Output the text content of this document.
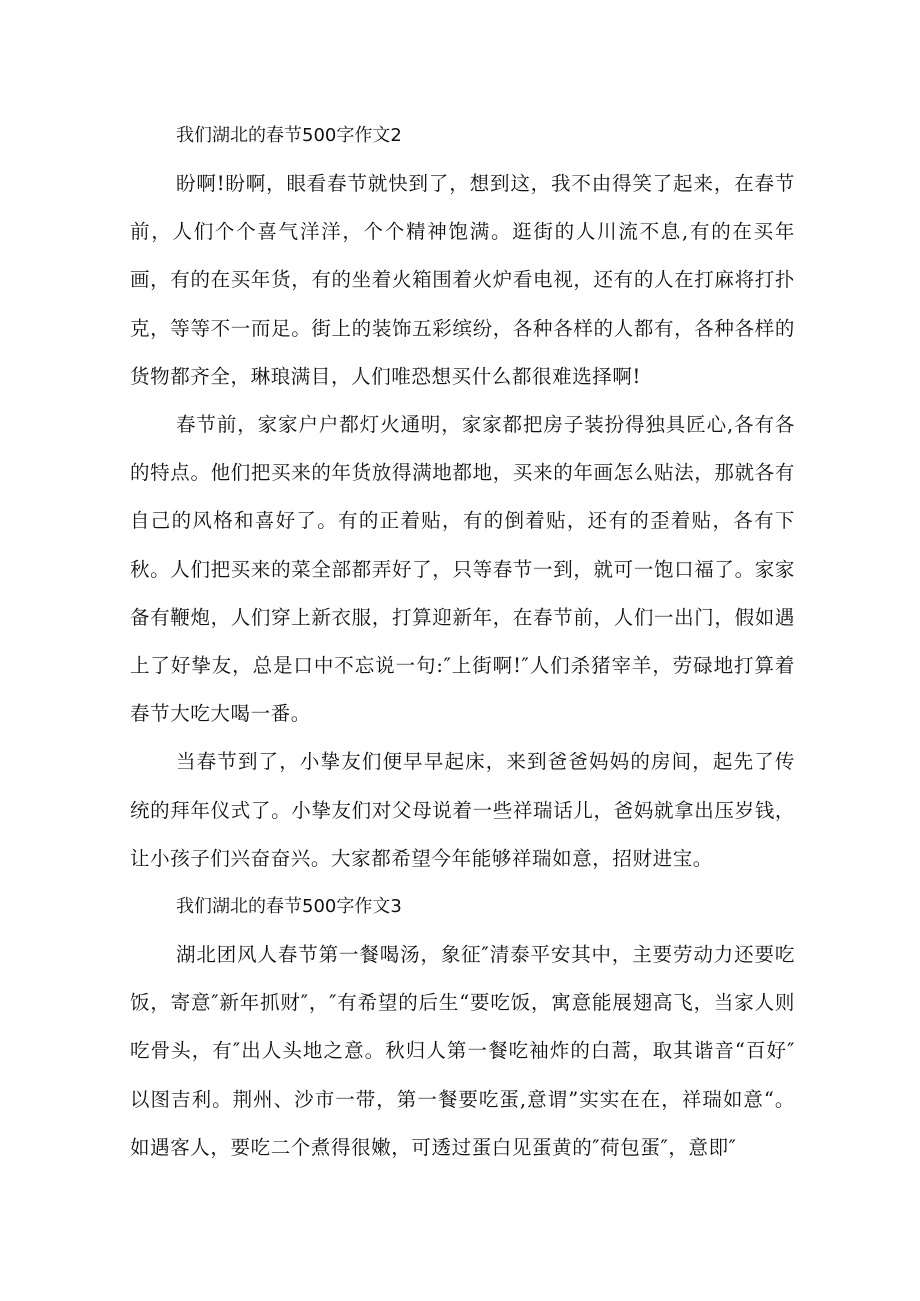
我们湖北的春节500字作文2

盼啊!盼啊，眼看春节就快到了，想到这，我不由得笑了起来，在春节前，人们个个喜气洋洋，个个精神饱满。逛街的人川流不息,有的在买年画，有的在买年货，有的坐着火箱围着火炉看电视，还有的人在打麻将打扑克，等等不一而足。街上的装饰五彩缤纷，各种各样的人都有，各种各样的货物都齐全，琳琅满目，人们唯恐想买什么都很难选择啊!

春节前，家家户户都灯火通明，家家都把房子装扮得独具匠心,各有各的特点。他们把买来的年货放得满地都地，买来的年画怎么贴法，那就各有自己的风格和喜好了。有的正着贴，有的倒着贴，还有的歪着贴，各有下秋。人们把买来的菜全部都弄好了，只等春节一到，就可一饱口福了。家家备有鞭炮，人们穿上新衣服，打算迎新年，在春节前，人们一出门，假如遇上了好挚友，总是口中不忘说一句:″上街啊!″人们杀猪宰羊，劳碌地打算着春节大吃大喝一番。

当春节到了，小挚友们便早早起床，来到爸爸妈妈的房间，起先了传统的拜年仪式了。小挚友们对父母说着一些祥瑞话儿，爸妈就拿出压岁钱，让小孩子们兴奋奋兴。大家都希望今年能够祥瑞如意，招财进宝。

我们湖北的春节500字作文3

湖北团风人春节第一餐喝汤，象征″清泰平安其中，主要劳动力还要吃饭，寄意″新年抓财″，″有希望的后生“要吃饭，寓意能展翅高飞，当家人则吃骨头，有″出人头地之意。秋归人第一餐吃袖炸的白蒿，取其谐音“百好″以图吉利。荆州、沙市一带，第一餐要吃蛋,意谓”实实在在，祥瑞如意“。如遇客人，要吃二个煮得很嫩，可透过蛋白见蛋黄的″荷包蛋″，意即″
